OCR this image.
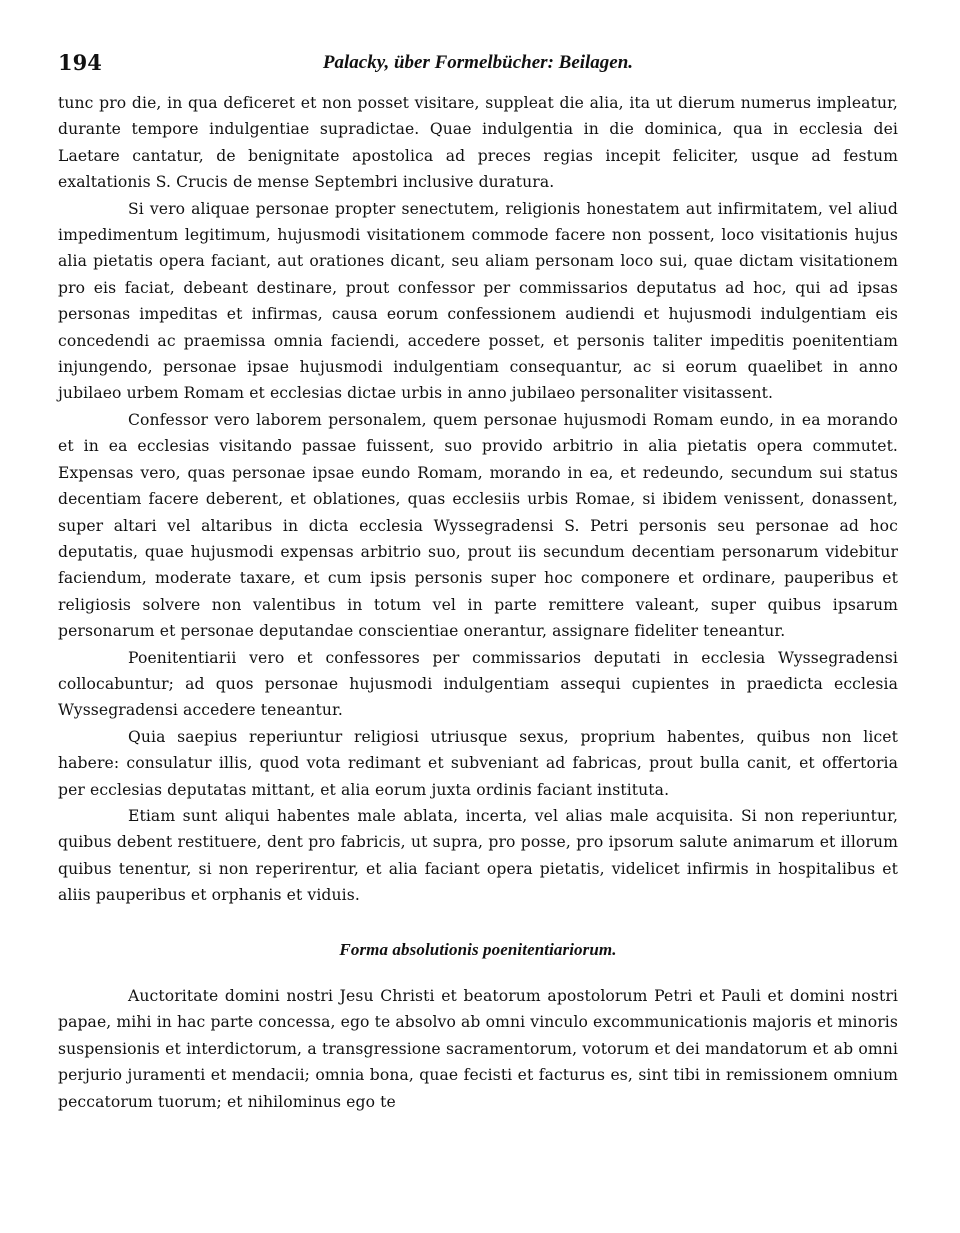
194	Palacky, über Formelbücher: Beilagen.

tunc pro die, in qua deficeret et non posset visitare, suppleat die alia, ita ut dierum numerus impleatur, durante tempore indulgentiae supradictae. Quae indulgentia in die dominica, qua in ecclesia dei Laetare cantatur, de benignitate apostolica ad preces regias incepit feliciter, usque ad festum exaltationis S. Crucis de mense Septembri inclusive duratura.

Si vero aliquae personae propter senectutem, religionis honestatem aut infirmitatem, vel aliud impedimentum legitimum, hujusmodi visitationem commode facere non possent, loco visitationis hujus alia pietatis opera faciant, aut orationes dicant, seu aliam personam loco sui, quae dictam visitationem pro eis faciat, debeant destinare, prout confessor per commissarios deputatus ad hoc, qui ad ipsas personas impeditas et infirmas, causa eorum confessionem audiendi et hujusmodi indulgentiam eis concedendi ac praemissa omnia faciendi, accedere posset, et personis taliter impeditis poenitentiam injungendo, personae ipsae hujusmodi indulgentiam consequantur, ac si eorum quaelibet in anno jubilaeo urbem Romam et ecclesias dictae urbis in anno jubilaeo personaliter visitassent.

Confessor vero laborem personalem, quem personae hujusmodi Romam eundo, in ea morando et in ea ecclesias visitando passae fuissent, suo provido arbitrio in alia pietatis opera commutet. Expensas vero, quas personae ipsae eundo Romam, morando in ea, et redeundo, secundum sui status decentiam facere deberent, et oblationes, quas ecclesiis urbis Romae, si ibidem venissent, donassent, super altari vel altaribus in dicta ecclesia Wyssegradensi S. Petri personis seu personae ad hoc deputatis, quae hujusmodi expensas arbitrio suo, prout iis secundum decentiam personarum videbitur faciendum, moderate taxare, et cum ipsis personis super hoc componere et ordinare, pauperibus et religiosis solvere non valentibus in totum vel in parte remittere valeant, super quibus ipsarum personarum et personae deputandae conscientiae onerantur, assignare fideliter teneantur.

Poenitentiarii vero et confessores per commissarios deputati in ecclesia Wyssegradensi collocabuntur; ad quos personae hujusmodi indulgentiam assequi cupientes in praedicta ecclesia Wyssegradensi accedere teneantur.

Quia saepius reperiuntur religiosi utriusque sexus, proprium habentes, quibus non licet habere: consulatur illis, quod vota redimant et subveniant ad fabricas, prout bulla canit, et offertoria per ecclesias deputatas mittant, et alia eorum juxta ordinis faciant instituta.

Etiam sunt aliqui habentes male ablata, incerta, vel alias male acquisita. Si non reperiuntur, quibus debent restituere, dent pro fabricis, ut supra, pro posse, pro ipsorum salute animarum et illorum quibus tenentur, si non reperirentur, et alia faciant opera pietatis, videlicet infirmis in hospitalibus et aliis pauperibus et orphanis et viduis.

Forma absolutionis poenitentiariorum.

Auctoritate domini nostri Jesu Christi et beatorum apostolorum Petri et Pauli et domini nostri papae, mihi in hac parte concessa, ego te absolvo ab omni vinculo excommunicationis majoris et minoris suspensionis et interdictorum, a transgressione sacramentorum, votorum et dei mandatorum et ab omni perjurio juramenti et mendacii; omnia bona, quae fecisti et facturus es, sint tibi in remissionem omnium peccatorum tuorum; et nihilominus ego te
